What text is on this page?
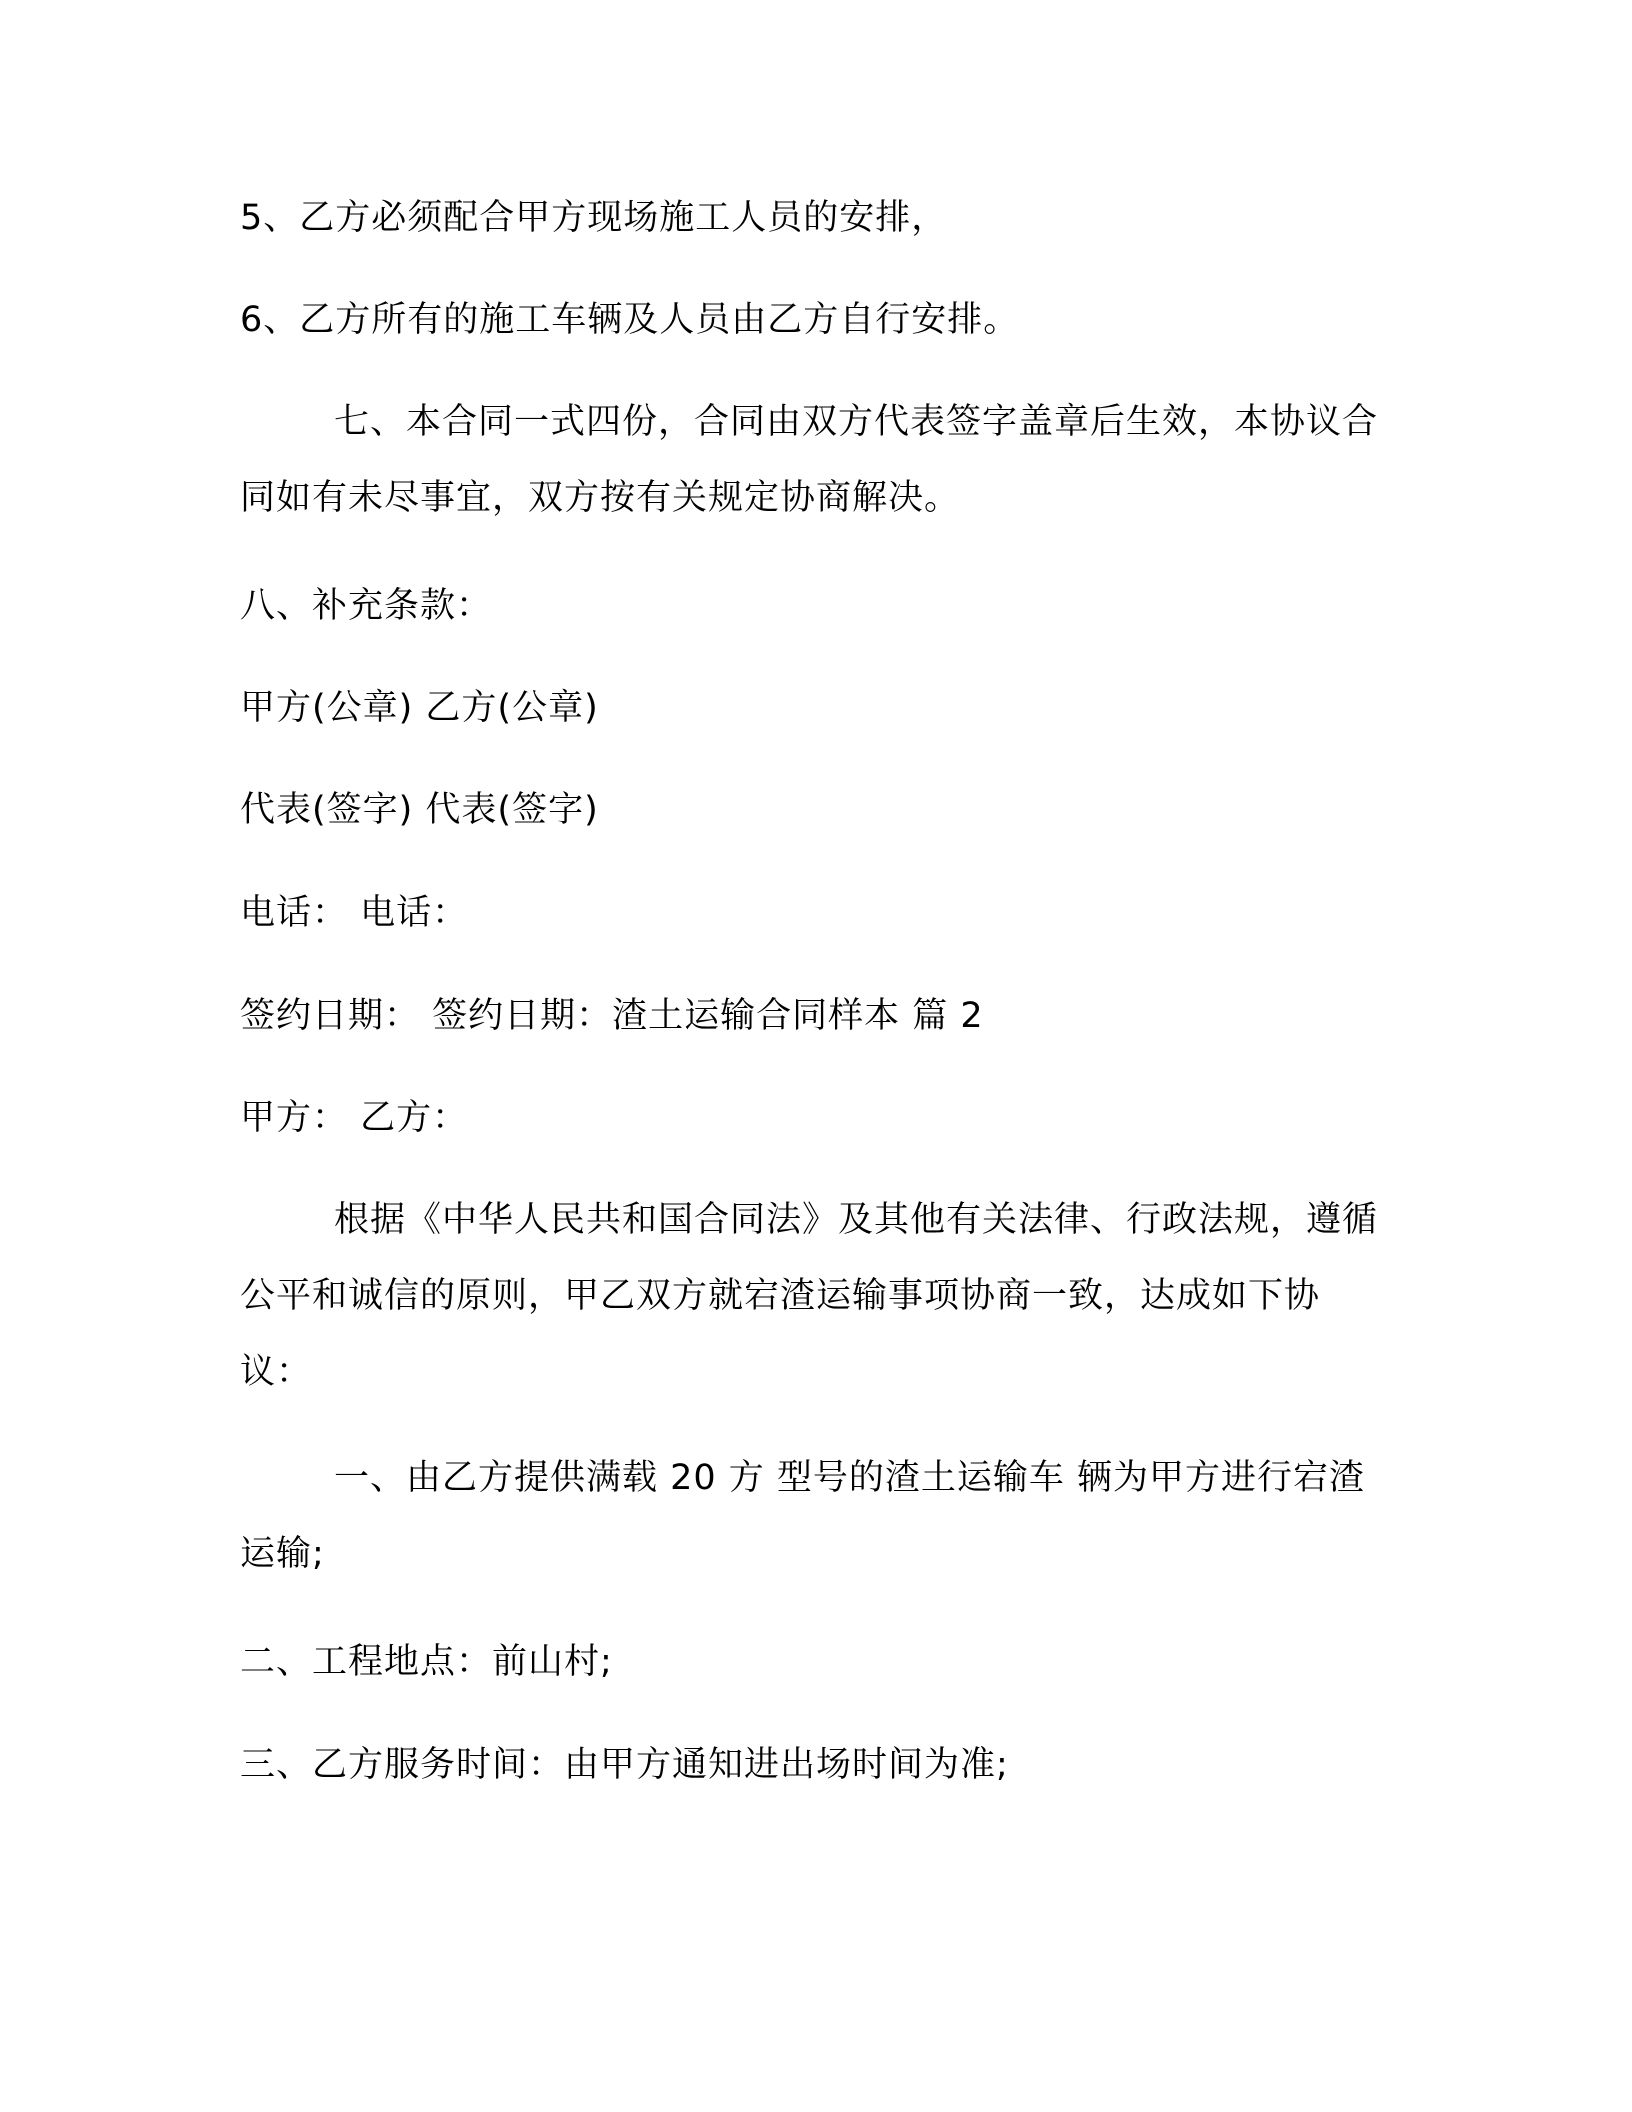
5、乙方必须配合甲方现场施工人员的安排，
6、乙方所有的施工车辆及人员由乙方自行安排。
七、本合同一式四份，合同由双方代表签字盖章后生效，本协议合同如有未尽事宜，双方按有关规定协商解决。
八、补充条款：
甲方(公章) 乙方(公章)
代表(签字) 代表(签字)
电话： 电话：
签约日期： 签约日期：渣土运输合同样本 篇 2
甲方： 乙方：
根据《中华人民共和国合同法》及其他有关法律、行政法规，遵循公平和诚信的原则，甲乙双方就宕渣运输事项协商一致，达成如下协议：
一、由乙方提供满载 20 方 型号的渣土运输车 辆为甲方进行宕渣运输;
二、工程地点：前山村;
三、乙方服务时间：由甲方通知进出场时间为准;
